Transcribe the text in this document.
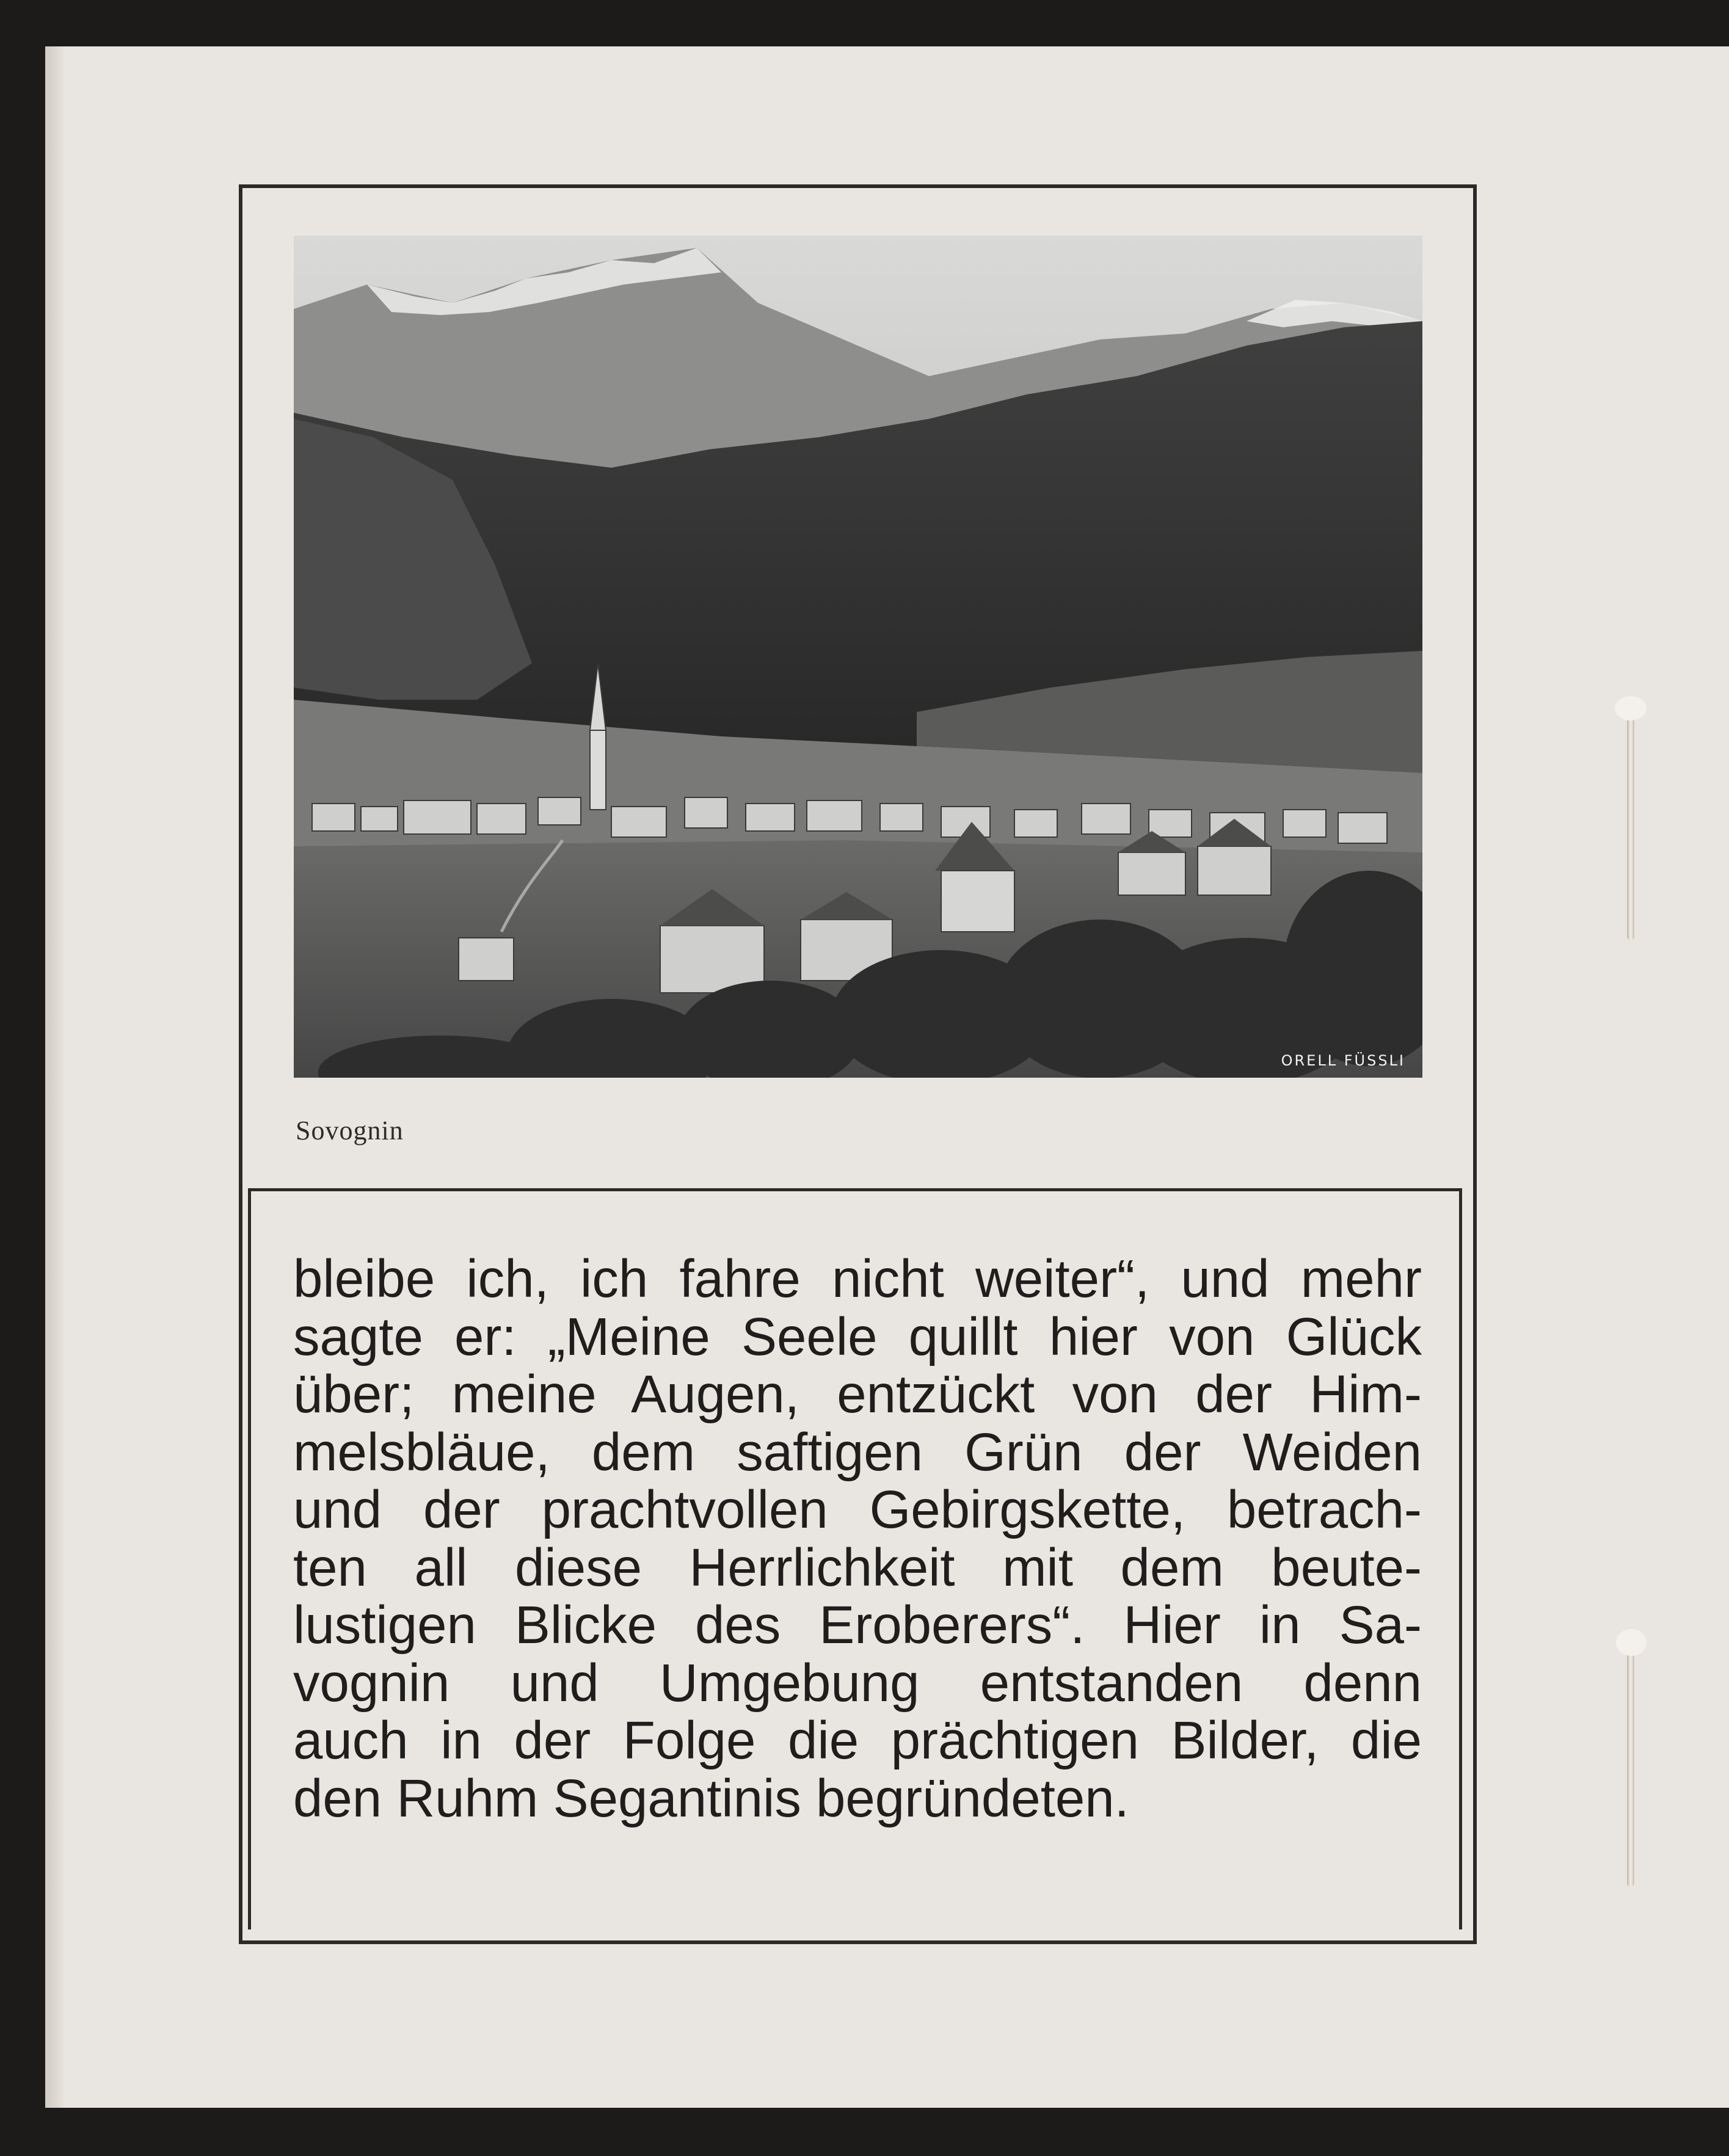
ORELL FÜSSLI
Sovognin
bleibe ich, ich fahre nicht weiter“, und mehr
sagte er: „Meine Seele quillt hier von Glück
über; meine Augen, entzückt von der Him-
melsbläue, dem saftigen Grün der Weiden
und der prachtvollen Gebirgskette, betrach-
ten all diese Herrlichkeit mit dem beute-
lustigen Blicke des Eroberers“. Hier in Sa-
vognin und Umgebung entstanden denn
auch in der Folge die prächtigen Bilder, die
den Ruhm Segantinis begründeten.
